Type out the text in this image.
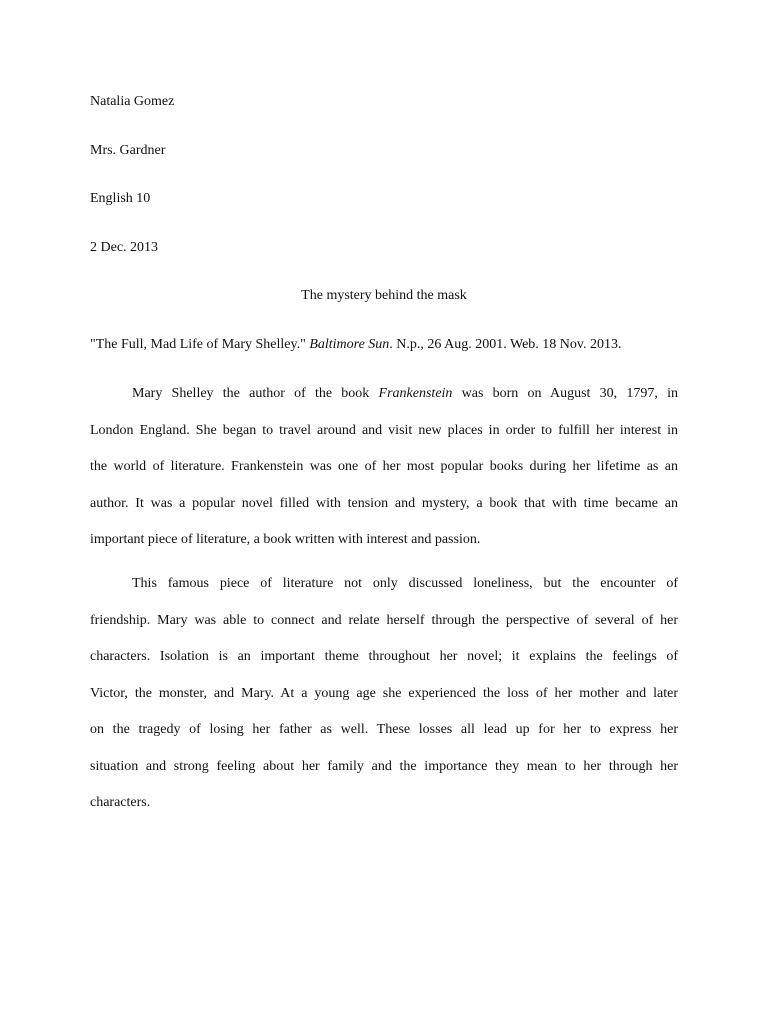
Natalia Gomez
Mrs. Gardner
English 10
2 Dec. 2013
The mystery behind the mask
"The Full, Mad Life of Mary Shelley." Baltimore Sun. N.p., 26 Aug. 2001. Web. 18 Nov. 2013.
Mary Shelley the author of the book Frankenstein was born on August 30, 1797, in
London England. She began to travel around and visit new places in order to fulfill her interest in
the world of literature. Frankenstein was one of her most popular books during her lifetime as an
author. It was a popular novel filled with tension and mystery, a book that with time became an
important piece of literature, a book written with interest and passion.
This famous piece of literature not only discussed loneliness, but the encounter of
friendship. Mary was able to connect and relate herself through the perspective of several of her
characters. Isolation is an important theme throughout her novel; it explains the feelings of
Victor, the monster, and Mary. At a young age she experienced the loss of her mother and later
on the tragedy of losing her father as well. These losses all lead up for her to express her
situation and strong feeling about her family and the importance they mean to her through her
characters.
